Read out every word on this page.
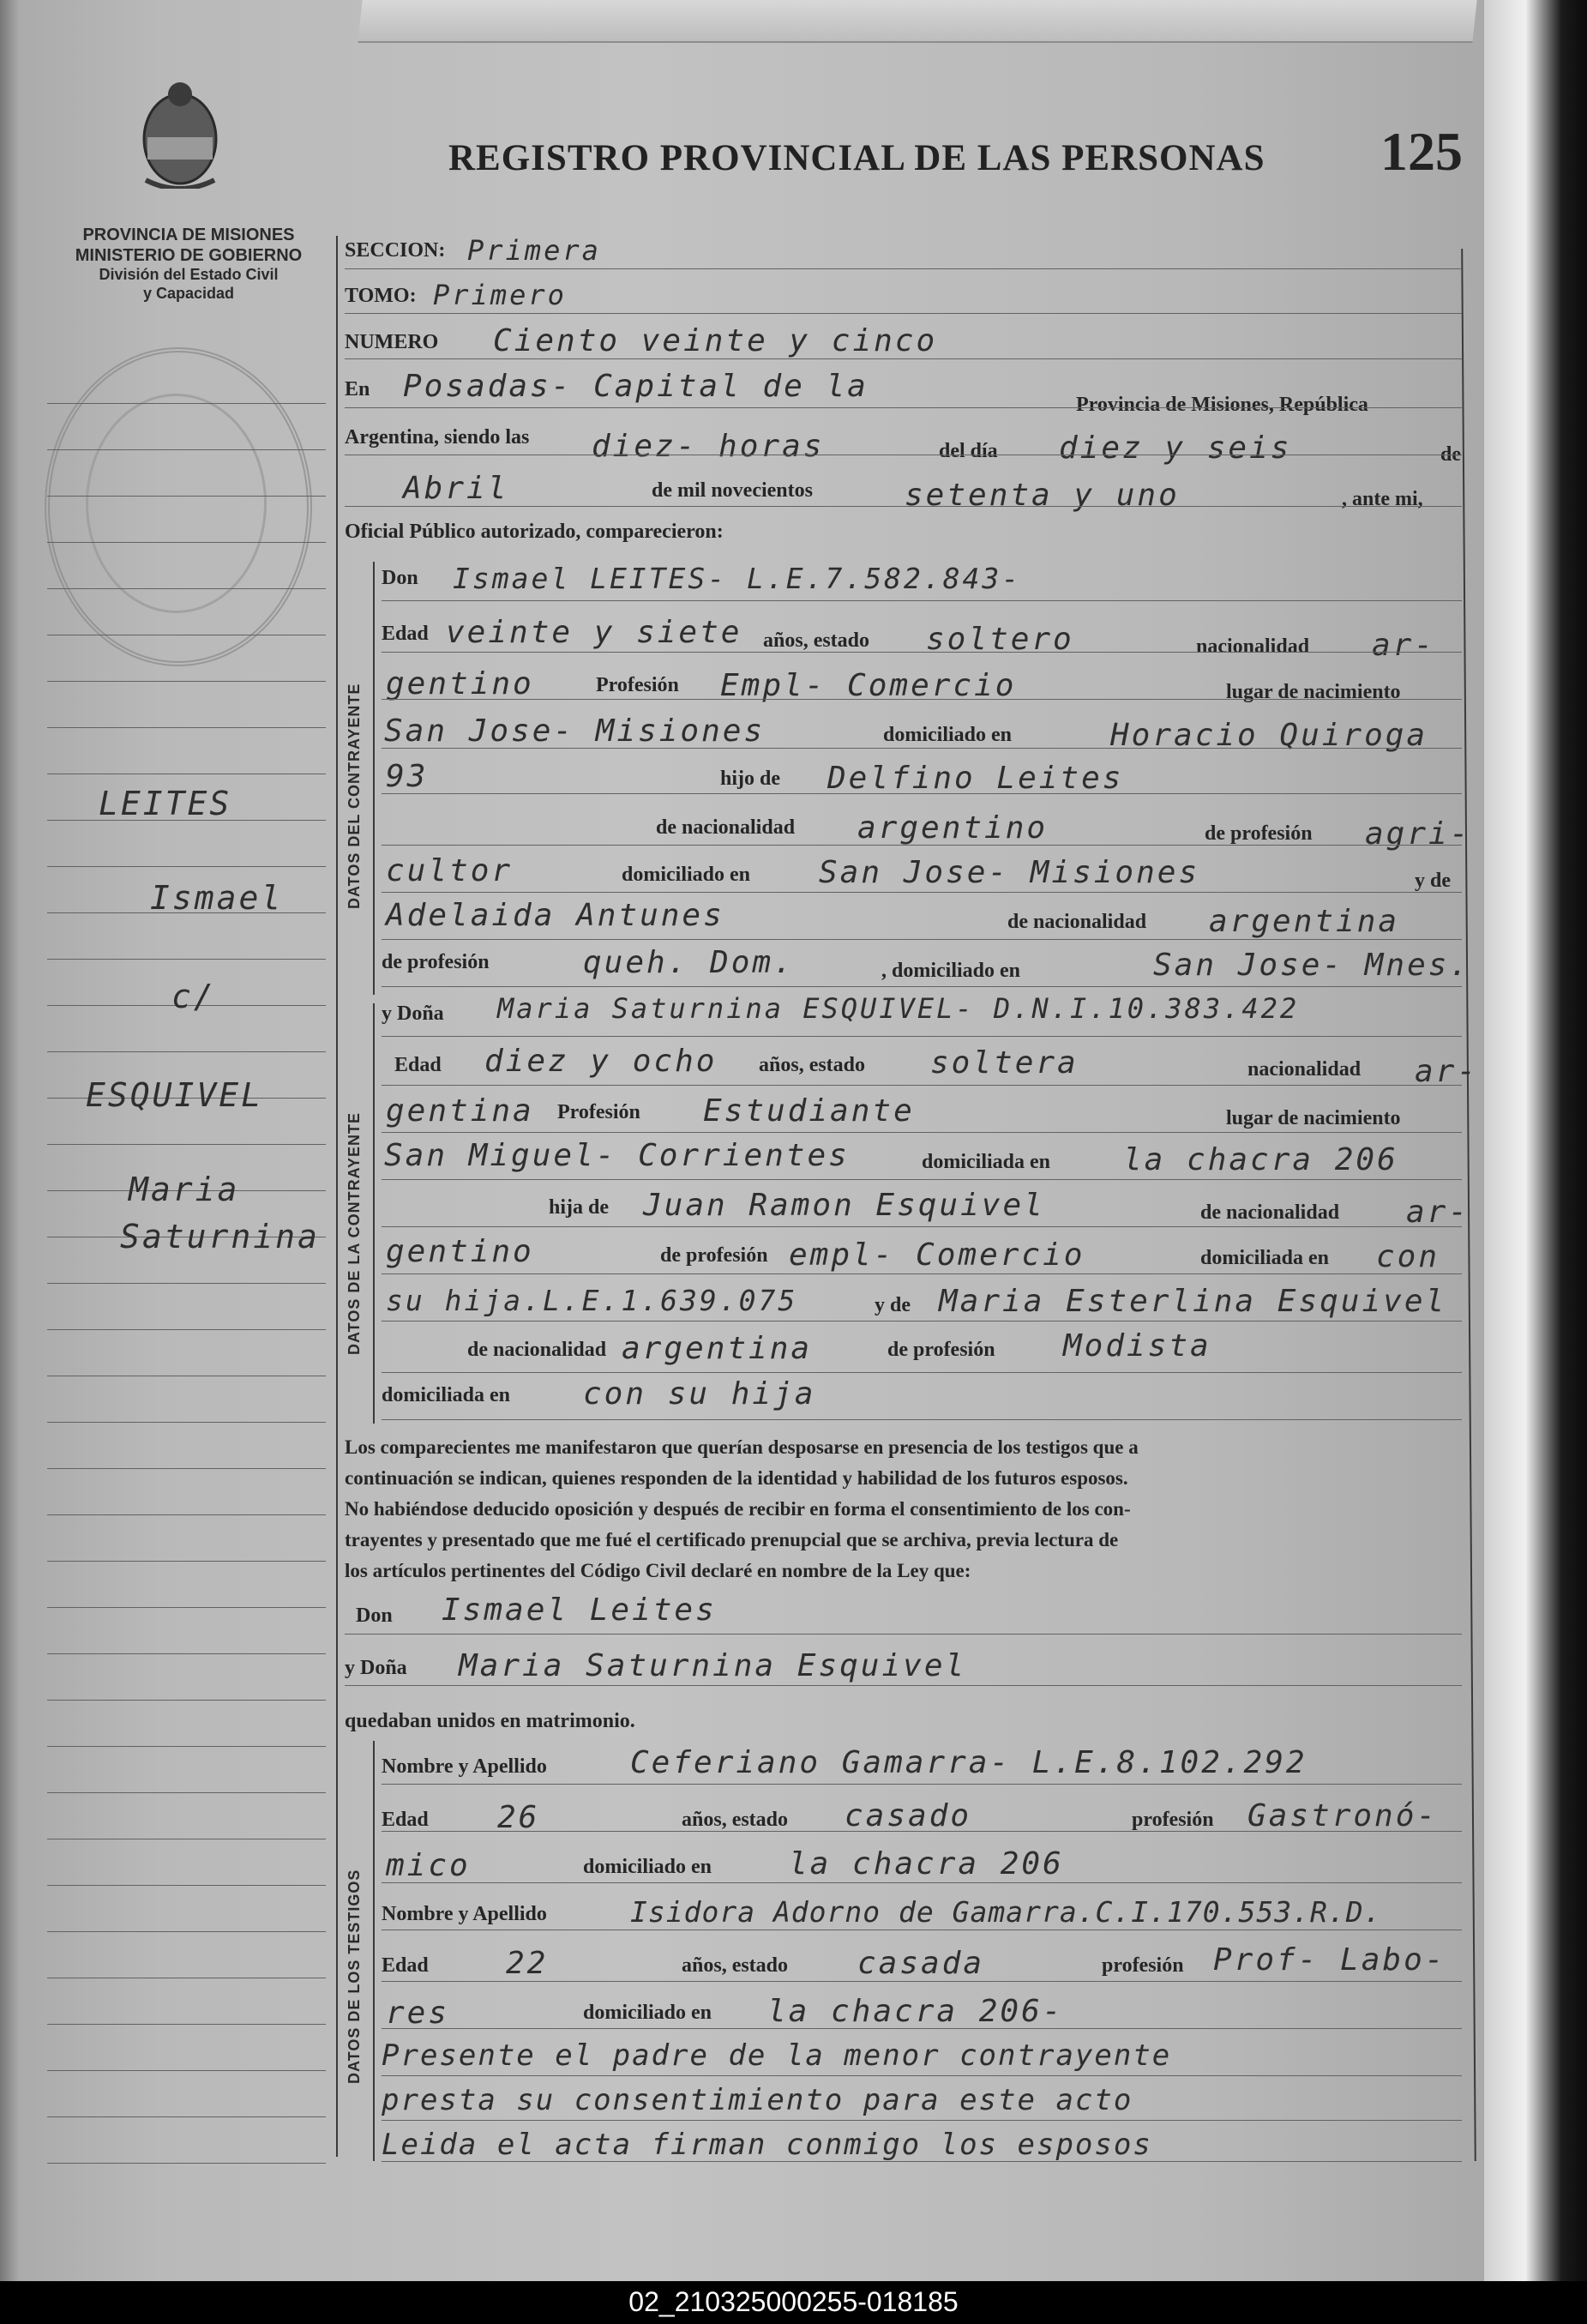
REGISTRO PROVINCIAL DE LAS PERSONAS 125
PROVINCIA DE MISIONES
MINISTERIO DE GOBIERNO
División del Estado Civil
y Capacidad
LEITES
Ismael
c/
ESQUIVEL
Maria
Saturnina
DATOS DEL CONTRAYENTE
DATOS DE LA CONTRAYENTE
DATOS DE LOS TESTIGOS
SECCION: Primera
TOMO: Primero
NUMERO Ciento veinte y cinco
En Posadas- Capital de la
Provincia de Misiones, República
Argentina, siendo las diez- horas	del día diez y seis	de
Abril	de mil novecientos	setenta y uno	, ante mi,
Oficial Público autorizado, comparecieron:
Don Ismael LEITES- L.E.7.582.843-
Edad veinte y siete años, estado soltero	nacionalidad ar-
gentino	Profesión Empl- Comercio	lugar de nacimiento
San Jose- Misiones	domiciliado en	Horacio Quiroga
93	hijo de Delfino Leites
de nacionalidad argentino	de profesión agri-
cultor	domiciliado en San Jose- Misiones	y de
Adelaida Antunes	de nacionalidad argentina
de profesión	queh. Dom.	, domiciliado en	San Jose- Mnes.
y Doña Maria Saturnina ESQUIVEL- D.N.I.10.383.422
Edad diez y ocho años, estado soltera	nacionalidad ar-
gentina Profesión Estudiante	lugar de nacimiento
San Miguel- Corrientes	domiciliada en la chacra 206
hija de Juan Ramon Esquivel	de nacionalidad ar-
gentino	de profesión empl- Comercio	domiciliada en con
su hija.L.E.1.639.075	y de Maria Esterlina Esquivel
de nacionalidad argentina	de profesión Modista
domiciliada en con su hija
Los comparecientes me manifestaron que querían desposarse en presencia de los testigos que a
continuación se indican, quienes responden de la identidad y habilidad de los futuros esposos.
No habiéndose deducido oposición y después de recibir en forma el consentimiento de los con-
trayentes y presentado que me fué el certificado prenupcial que se archiva, previa lectura de
los artículos pertinentes del Código Civil declaré en nombre de la Ley que:
Don Ismael Leites
y Doña Maria Saturnina Esquivel
quedaban unidos en matrimonio.
Nombre y Apellido	Ceferiano Gamarra- L.E.8.102.292
Edad 26	años, estado casado	profesión Gastronó-
mico	domiciliado en la chacra 206
Nombre y Apellido	Isidora Adorno de Gamarra.C.I.170.553.R.D.
Edad	22	años, estado casada	profesión Prof- Labo-
res	domiciliado en la chacra 206-
Presente el padre de la menor contrayente
presta su consentimiento para este acto
Leida el acta firman conmigo los esposos
02_210325000255-018185
